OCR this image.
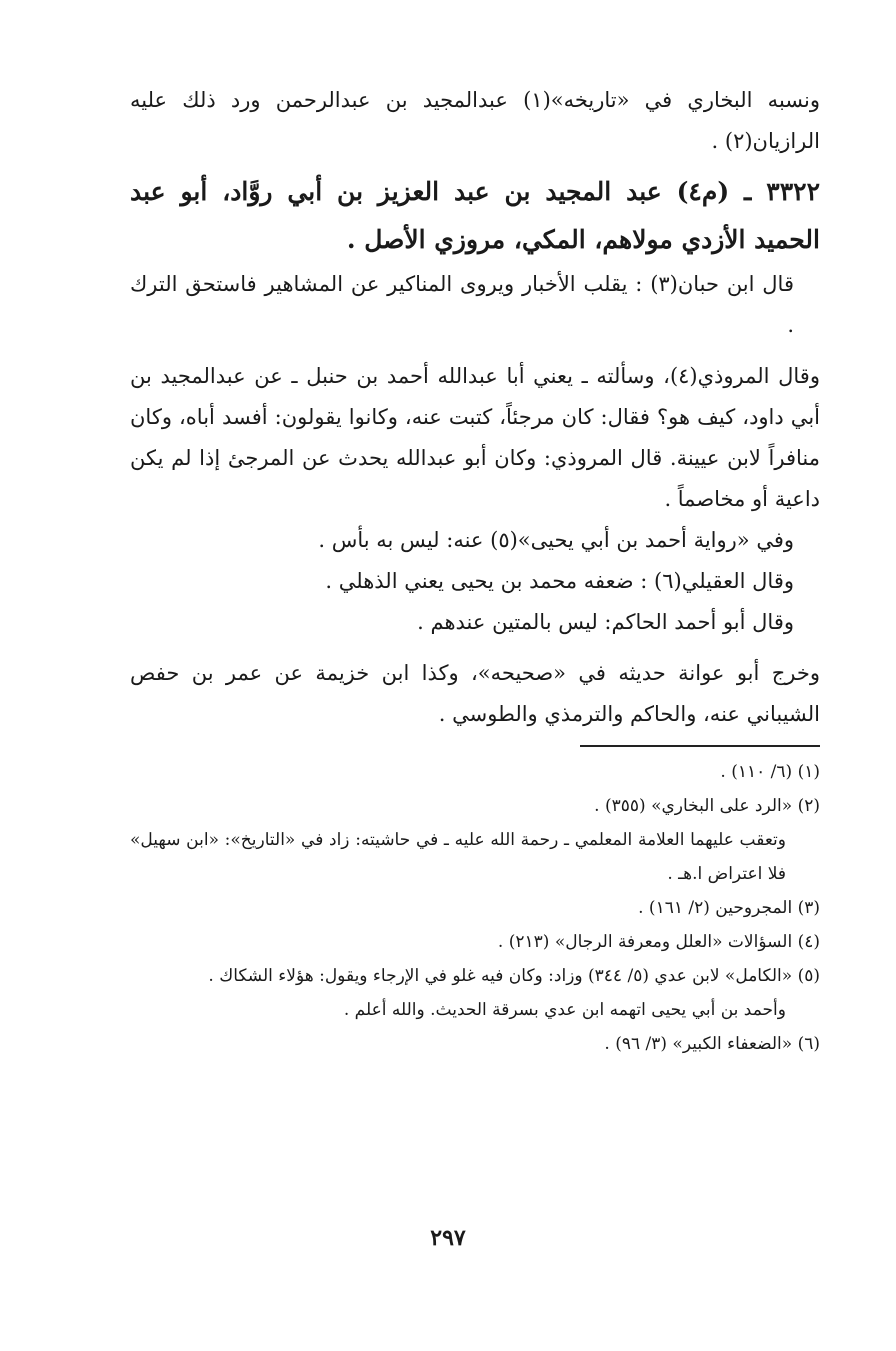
ونسبه البخاري في «تاريخه»(١) عبدالمجيد بن عبدالرحمن ورد ذلك عليه الرازيان(٢) .

٣٣٢٢ ـ (م٤) عبد المجيد بن عبد العزيز بن أبي روَّاد، أبو عبد الحميد الأزدي مولاهم، المكي، مروزي الأصل .

قال ابن حبان(٣) : يقلب الأخبار ويروى المناكير عن المشاهير فاستحق الترك .

وقال المروذي(٤)، وسألته ـ يعني أبا عبدالله أحمد بن حنبل ـ عن عبدالمجيد بن أبي داود، كيف هو؟ فقال: كان مرجئاً، كتبت عنه، وكانوا يقولون: أفسد أباه، وكان منافراً لابن عيينة. قال المروذي: وكان أبو عبدالله يحدث عن المرجئ إذا لم يكن داعية أو مخاصماً .

وفي «رواية أحمد بن أبي يحيى»(٥) عنه: ليس به بأس .

وقال العقيلي(٦) : ضعفه محمد بن يحيى يعني الذهلي .

وقال أبو أحمد الحاكم: ليس بالمتين عندهم .

وخرج أبو عوانة حديثه في «صحيحه»، وكذا ابن خزيمة عن عمر بن حفص الشيباني عنه، والحاكم والترمذي والطوسي .

(١) (٦/ ١١٠) .

(٢) «الرد على البخاري» (٣٥٥) .

وتعقب عليهما العلامة المعلمي ـ رحمة الله عليه ـ في حاشيته: زاد في «التاريخ»: «ابن سهيل» فلا اعتراض ا.هـ .

(٣) المجروحين (٢/ ١٦١) .

(٤) السؤالات «العلل ومعرفة الرجال» (٢١٣) .

(٥) «الكامل» لابن عدي (٥/ ٣٤٤) وزاد: وكان فيه غلو في الإرجاء ويقول: هؤلاء الشكاك .

وأحمد بن أبي يحيى اتهمه ابن عدي بسرقة الحديث. والله أعلم .

(٦) «الضعفاء الكبير» (٣/ ٩٦) .

٢٩٧
